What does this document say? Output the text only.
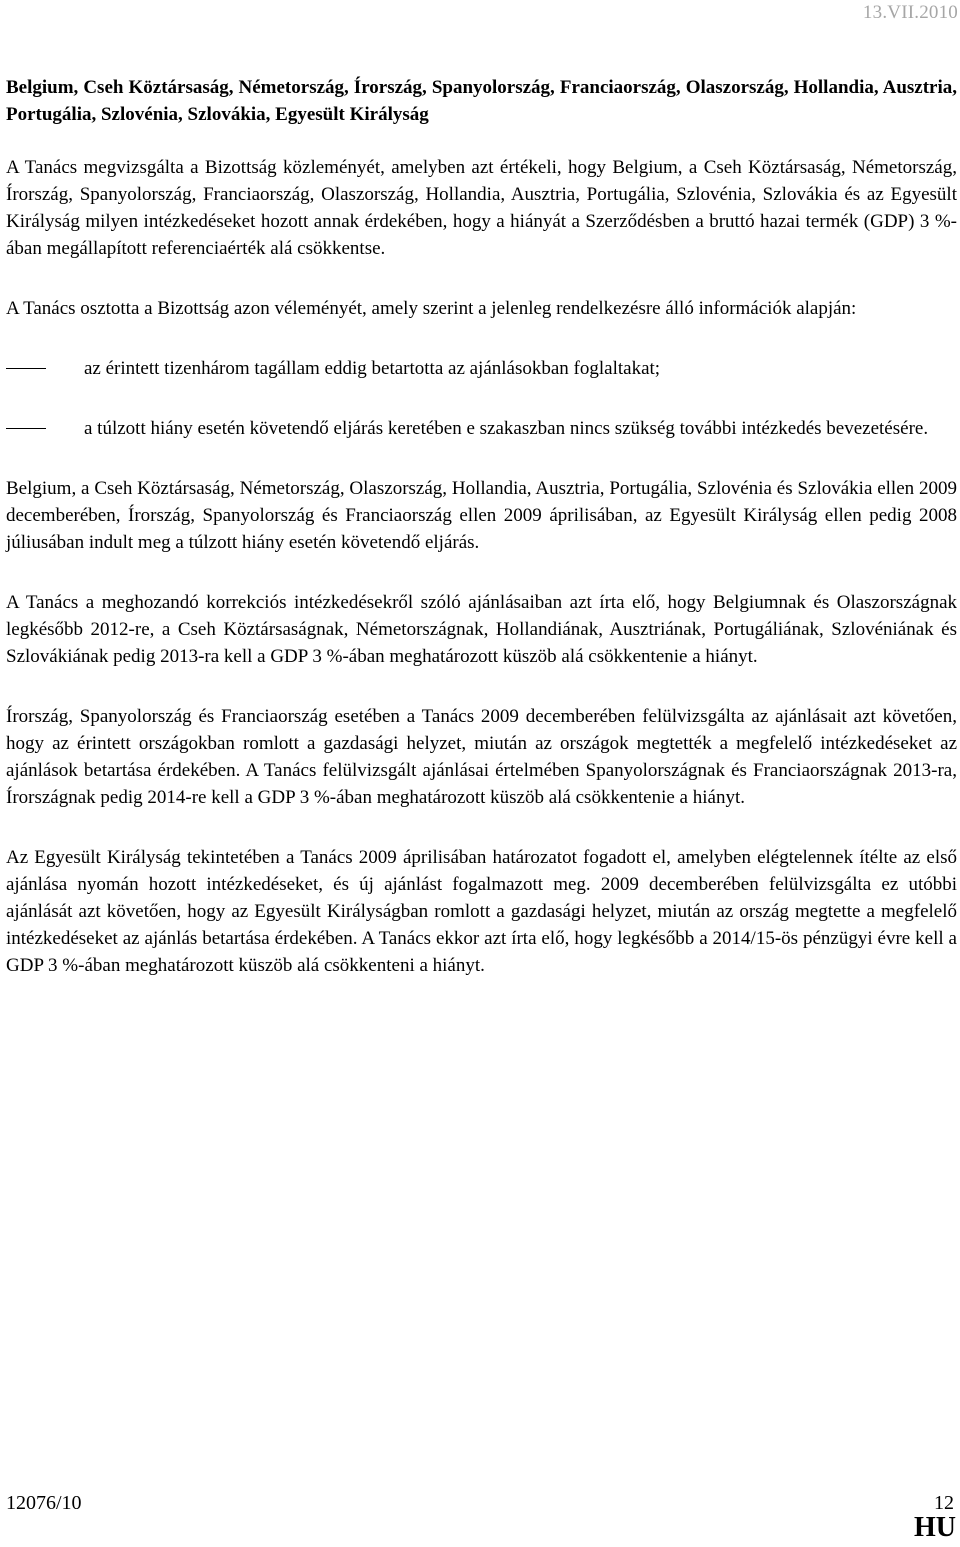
13.VII.2010

Belgium, Cseh Köztársaság, Németország, Írország, Spanyolország, Franciaország, Olaszország, Hollandia, Ausztria, Portugália, Szlovénia, Szlovákia, Egyesült Királyság

A Tanács megvizsgálta a Bizottság közleményét, amelyben azt értékeli, hogy Belgium, a Cseh Köztársaság, Németország, Írország, Spanyolország, Franciaország, Olaszország, Hollandia, Ausztria, Portugália, Szlovénia, Szlovákia és az Egyesült Királyság milyen intézkedéseket hozott annak érdekében, hogy a hiányát a Szerződésben a bruttó hazai termék (GDP) 3 %-ában megállapított referenciaérték alá csökkentse.

A Tanács osztotta a Bizottság azon véleményét, amely szerint a jelenleg rendelkezésre álló információk alapján:

az érintett tizenhárom tagállam eddig betartotta az ajánlásokban foglaltakat;
a túlzott hiány esetén követendő eljárás keretében e szakaszban nincs szükség további intézkedés bevezetésére.

Belgium, a Cseh Köztársaság, Németország, Olaszország, Hollandia, Ausztria, Portugália, Szlovénia és Szlovákia ellen 2009 decemberében, Írország, Spanyolország és Franciaország ellen 2009 áprilisában, az Egyesült Királyság ellen pedig 2008 júliusában indult meg a túlzott hiány esetén követendő eljárás.

A Tanács a meghozandó korrekciós intézkedésekről szóló ajánlásaiban azt írta elő, hogy Belgiumnak és Olaszországnak legkésőbb 2012-re, a Cseh Köztársaságnak, Németországnak, Hollandiának, Ausztriának, Portugáliának, Szlovéniának és Szlovákiának pedig 2013-ra kell a GDP 3 %-ában meghatározott küszöb alá csökkentenie a hiányt.

Írország, Spanyolország és Franciaország esetében a Tanács 2009 decemberében felülvizsgálta az ajánlásait azt követően, hogy az érintett országokban romlott a gazdasági helyzet, miután az országok megtették a megfelelő intézkedéseket az ajánlások betartása érdekében. A Tanács felülvizsgált ajánlásai értelmében Spanyolországnak és Franciaországnak 2013-ra, Írországnak pedig 2014-re kell a GDP 3 %-ában meghatározott küszöb alá csökkentenie a hiányt.

Az Egyesült Királyság tekintetében a Tanács 2009 áprilisában határozatot fogadott el, amelyben elégtelennek ítélte az első ajánlása nyomán hozott intézkedéseket, és új ajánlást fogalmazott meg. 2009 decemberében felülvizsgálta ez utóbbi ajánlását azt követően, hogy az Egyesült Királyságban romlott a gazdasági helyzet, miután az ország megtette a megfelelő intézkedéseket az ajánlás betartása érdekében. A Tanács ekkor azt írta elő, hogy legkésőbb a 2014/15-ös pénzügyi évre kell a GDP 3 %-ában meghatározott küszöb alá csökkenteni a hiányt.

12076/10	12
HU
